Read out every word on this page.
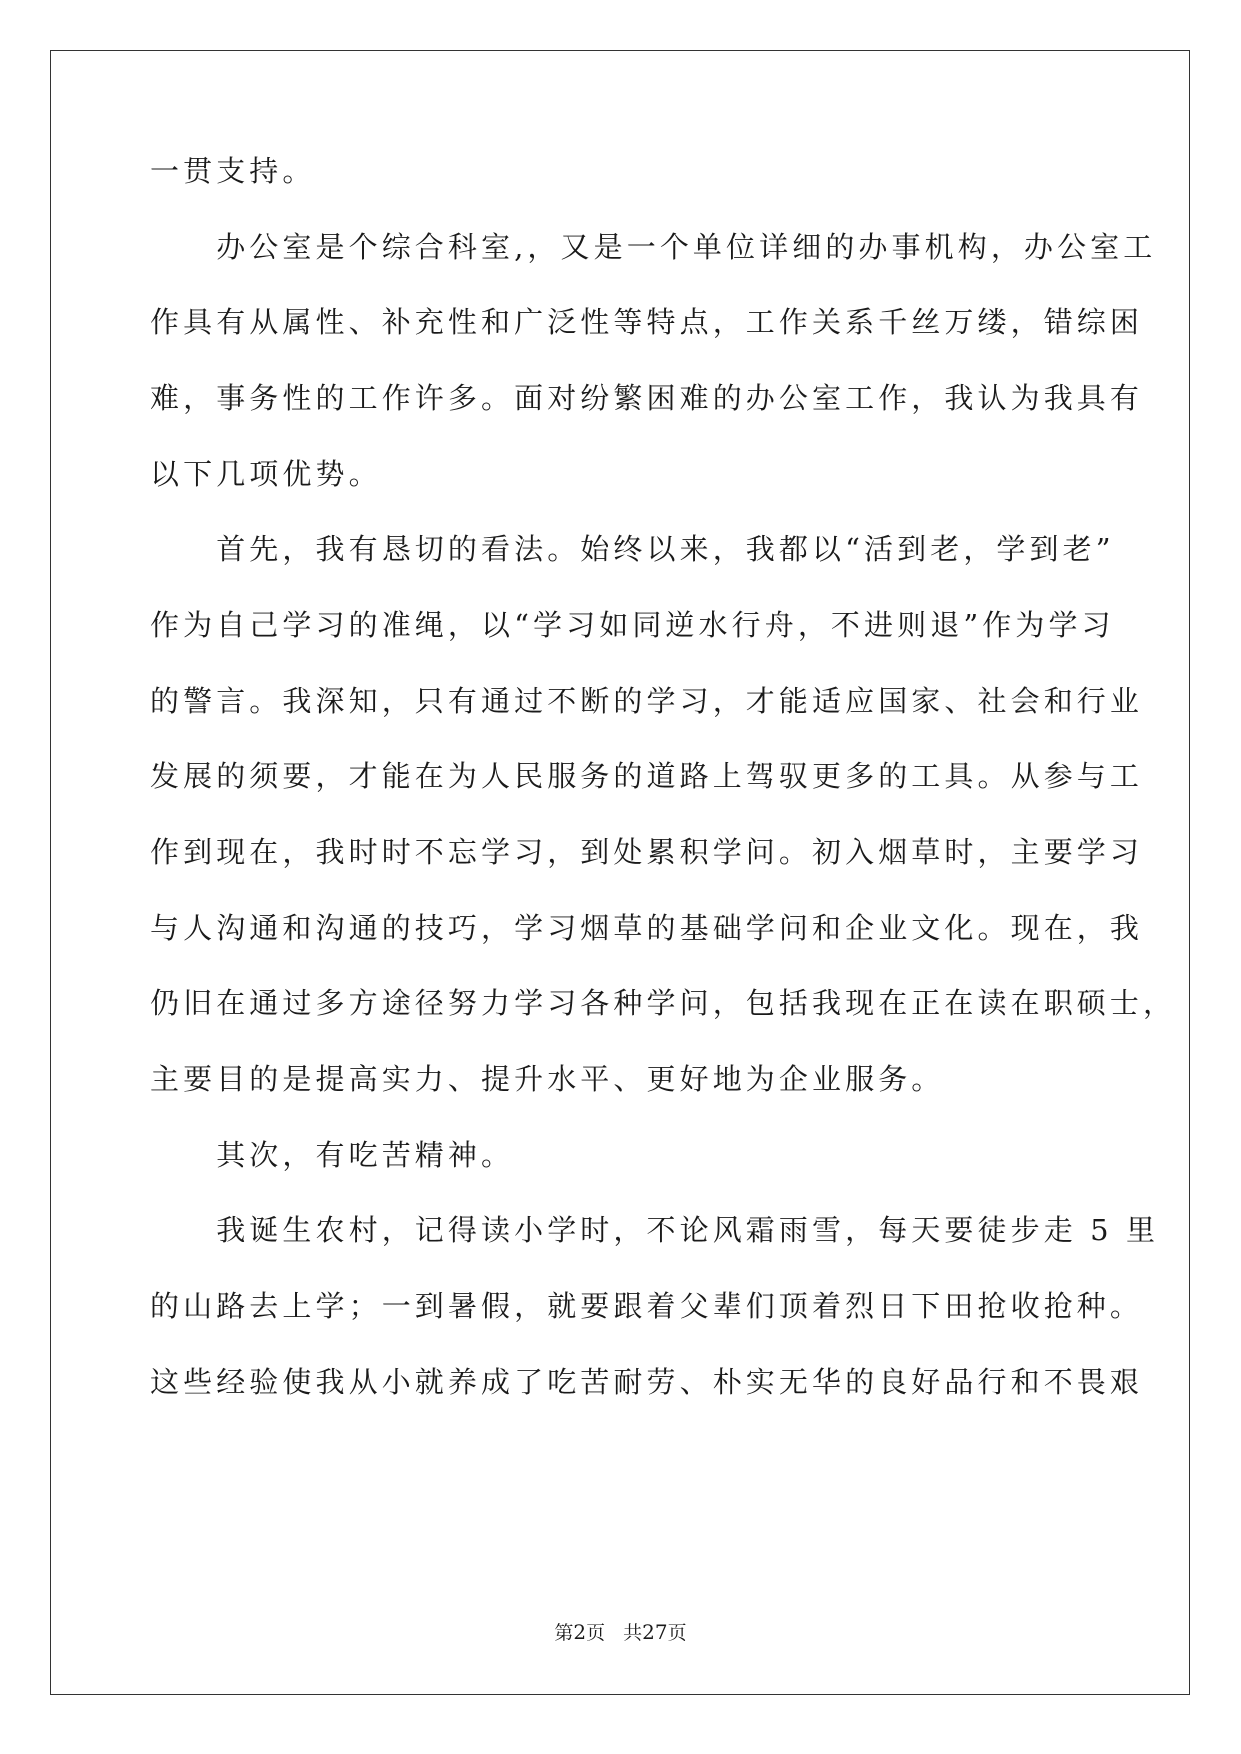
一贯支持。
　　办公室是个综合科室,，又是一个单位详细的办事机构，办公室工
作具有从属性、补充性和广泛性等特点，工作关系千丝万缕，错综困
难，事务性的工作许多。面对纷繁困难的办公室工作，我认为我具有
以下几项优势。
　　首先，我有恳切的看法。始终以来，我都以“活到老，学到老”
作为自己学习的准绳，以“学习如同逆水行舟，不进则退”作为学习
的警言。我深知，只有通过不断的学习，才能适应国家、社会和行业
发展的须要，才能在为人民服务的道路上驾驭更多的工具。从参与工
作到现在，我时时不忘学习，到处累积学问。初入烟草时，主要学习
与人沟通和沟通的技巧，学习烟草的基础学问和企业文化。现在，我
仍旧在通过多方途径努力学习各种学问，包括我现在正在读在职硕士，
主要目的是提高实力、提升水平、更好地为企业服务。
　　其次，有吃苦精神。
　　我诞生农村，记得读小学时，不论风霜雨雪，每天要徒步走 5 里
的山路去上学；一到暑假，就要跟着父辈们顶着烈日下田抢收抢种。
这些经验使我从小就养成了吃苦耐劳、朴实无华的良好品行和不畏艰
第2页 共27页
